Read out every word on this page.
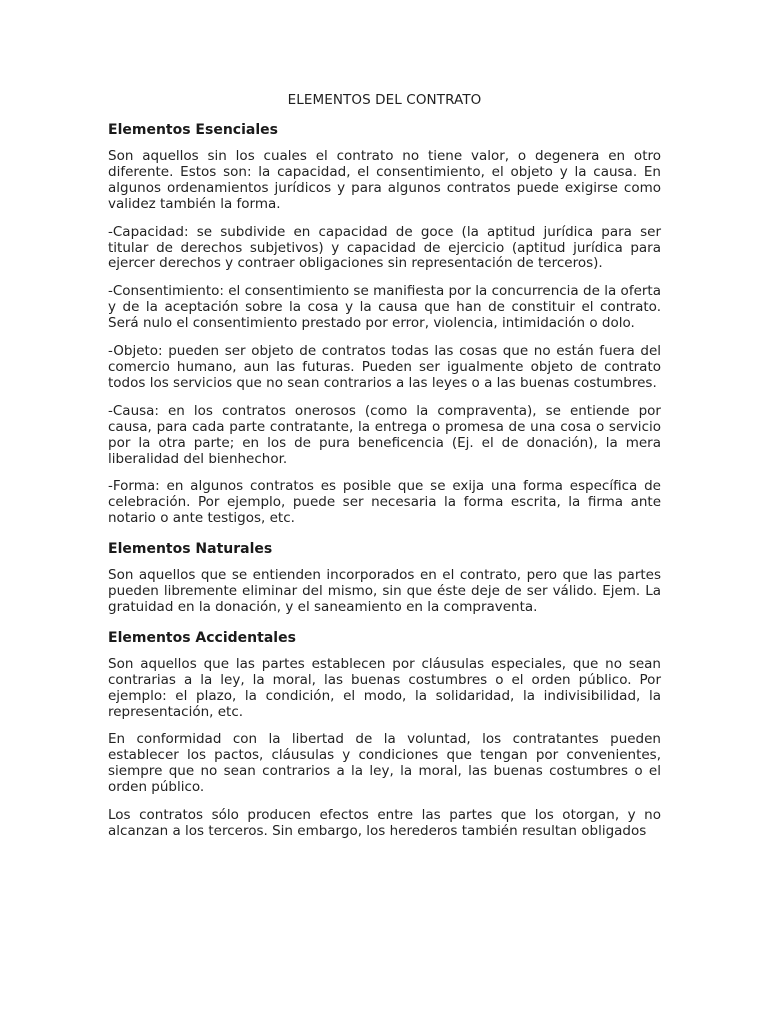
ELEMENTOS DEL CONTRATO
Elementos Esenciales

Son aquellos sin los cuales el contrato no tiene valor, o degenera en otro diferente. Estos son: la capacidad, el consentimiento, el objeto y la causa. En algunos ordenamientos jurídicos y para algunos contratos puede exigirse como validez también la forma.

-Capacidad: se subdivide en capacidad de goce (la aptitud jurídica para ser titular de derechos subjetivos) y capacidad de ejercicio (aptitud jurídica para ejercer derechos y contraer obligaciones sin representación de terceros).

-Consentimiento: el consentimiento se manifiesta por la concurrencia de la oferta y de la aceptación sobre la cosa y la causa que han de constituir el contrato. Será nulo el consentimiento prestado por error, violencia, intimidación o dolo.

-Objeto: pueden ser objeto de contratos todas las cosas que no están fuera del comercio humano, aun las futuras. Pueden ser igualmente objeto de contrato todos los servicios que no sean contrarios a las leyes o a las buenas costumbres.

-Causa: en los contratos onerosos (como la compraventa), se entiende por causa, para cada parte contratante, la entrega o promesa de una cosa o servicio por la otra parte; en los de pura beneficencia (Ej. el de donación), la mera liberalidad del bienhechor.

-Forma: en algunos contratos es posible que se exija una forma específica de celebración. Por ejemplo, puede ser necesaria la forma escrita, la firma ante notario o ante testigos, etc.

Elementos Naturales

Son aquellos que se entienden incorporados en el contrato, pero que las partes pueden libremente eliminar del mismo, sin que éste deje de ser válido. Ejem. La gratuidad en la donación, y el saneamiento en la compraventa.

Elementos Accidentales

Son aquellos que las partes establecen por cláusulas especiales, que no sean contrarias a la ley, la moral, las buenas costumbres o el orden público. Por ejemplo: el plazo, la condición, el modo, la solidaridad, la indivisibilidad, la representación, etc.

En conformidad con la libertad de la voluntad, los contratantes pueden establecer los pactos, cláusulas y condiciones que tengan por convenientes, siempre que no sean contrarios a la ley, la moral, las buenas costumbres o el orden público.

Los contratos sólo producen efectos entre las partes que los otorgan, y no alcanzan a los terceros. Sin embargo, los herederos también resultan obligados
